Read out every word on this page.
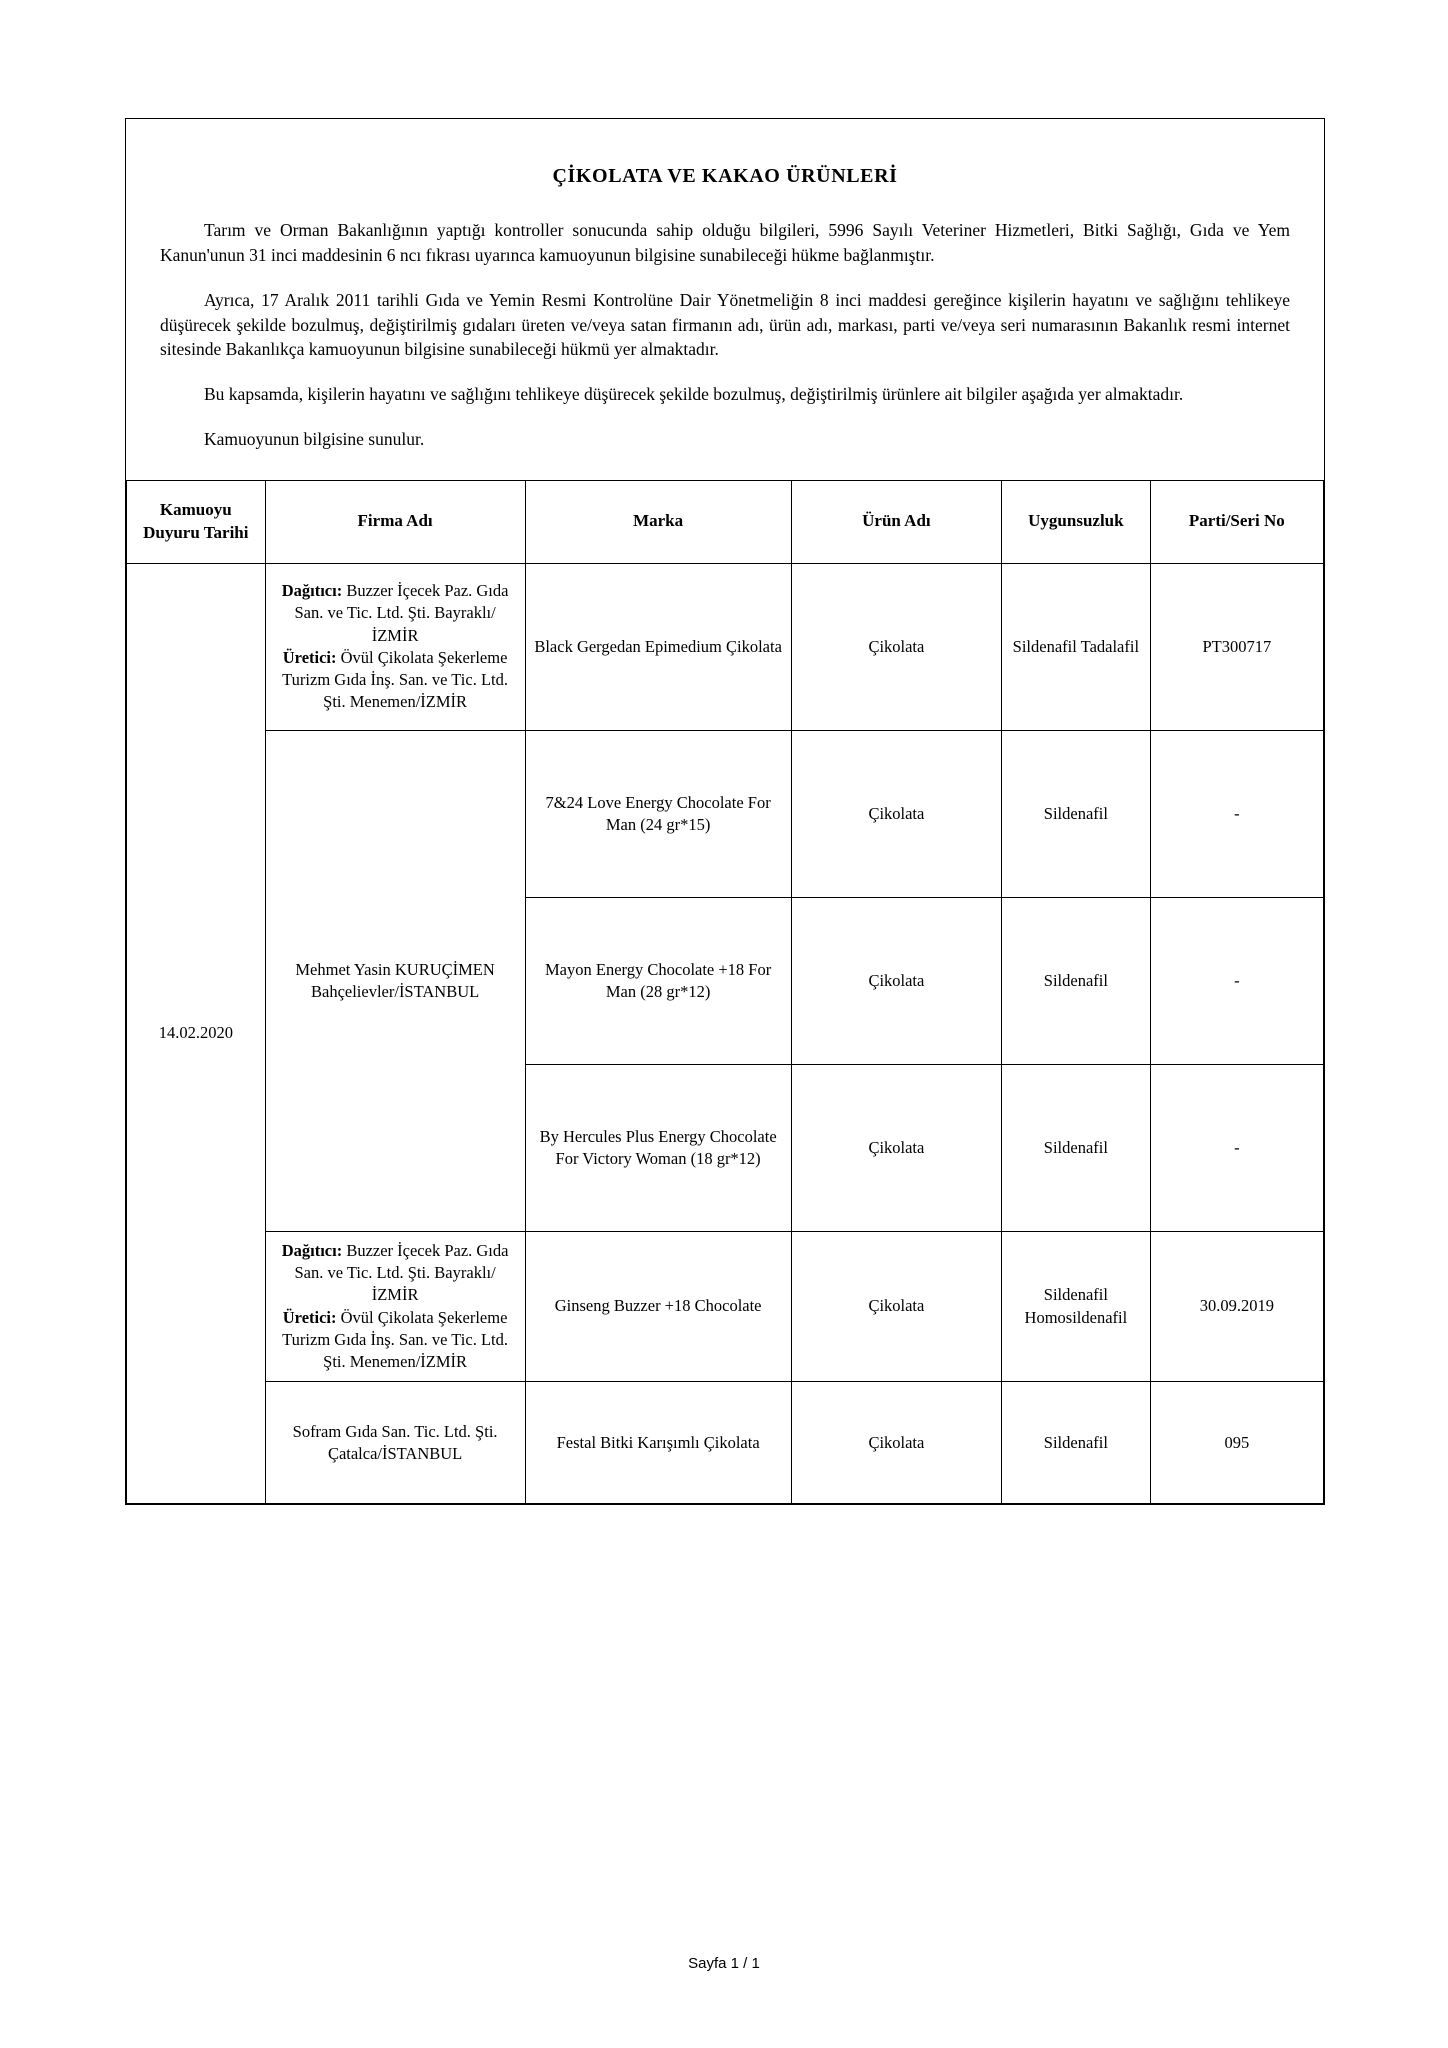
ÇİKOLATA VE KAKAO ÜRÜNLERİ

Tarım ve Orman Bakanlığının yaptığı kontroller sonucunda sahip olduğu bilgileri, 5996 Sayılı Veteriner Hizmetleri, Bitki Sağlığı, Gıda ve Yem Kanun'unun 31 inci maddesinin 6 ncı fıkrası uyarınca kamuoyunun bilgisine sunabileceği hükme bağlanmıştır.

Ayrıca, 17 Aralık 2011 tarihli Gıda ve Yemin Resmi Kontrolüne Dair Yönetmeliğin 8 inci maddesi gereğince kişilerin hayatını ve sağlığını tehlikeye düşürecek şekilde bozulmuş, değiştirilmiş gıdaları üreten ve/veya satan firmanın adı, ürün adı, markası, parti ve/veya seri numarasının Bakanlık resmi internet sitesinde Bakanlıkça kamuoyunun bilgisine sunabileceği hükmü yer almaktadır.

Bu kapsamda, kişilerin hayatını ve sağlığını tehlikeye düşürecek şekilde bozulmuş, değiştirilmiş ürünlere ait bilgiler aşağıda yer almaktadır.

Kamuoyunun bilgisine sunulur.

Kamuoyu Duyuru Tarihi	Firma Adı	Marka	Ürün Adı	Uygunsuzluk	Parti/Seri No
14.02.2020	Dağıtıcı: Buzzer İçecek Paz. Gıda San. ve Tic. Ltd. Şti. Bayraklı/İZMİR
Üretici: Övül Çikolata Şekerleme Turizm Gıda İnş. San. ve Tic. Ltd. Şti. Menemen/İZMİR	Black Gergedan Epimedium Çikolata	Çikolata	Sildenafil Tadalafil	PT300717
	Mehmet Yasin KURUÇİMEN Bahçelievler/İSTANBUL	7&24 Love Energy Chocolate For Man (24 gr*15)	Çikolata	Sildenafil	-
		Mayon Energy Chocolate +18 For Man (28 gr*12)	Çikolata	Sildenafil	-
		By Hercules Plus Energy Chocolate For Victory Woman (18 gr*12)	Çikolata	Sildenafil	-
	Dağıtıcı: Buzzer İçecek Paz. Gıda San. ve Tic. Ltd. Şti. Bayraklı/İZMİR
Üretici: Övül Çikolata Şekerleme Turizm Gıda İnş. San. ve Tic. Ltd. Şti. Menemen/İZMİR	Ginseng Buzzer +18 Chocolate	Çikolata	Sildenafil Homosildenafil	30.09.2019
	Sofram Gıda San. Tic. Ltd. Şti. Çatalca/İSTANBUL	Festal Bitki Karışımlı Çikolata	Çikolata	Sildenafil	095
Sayfa 1 / 1
